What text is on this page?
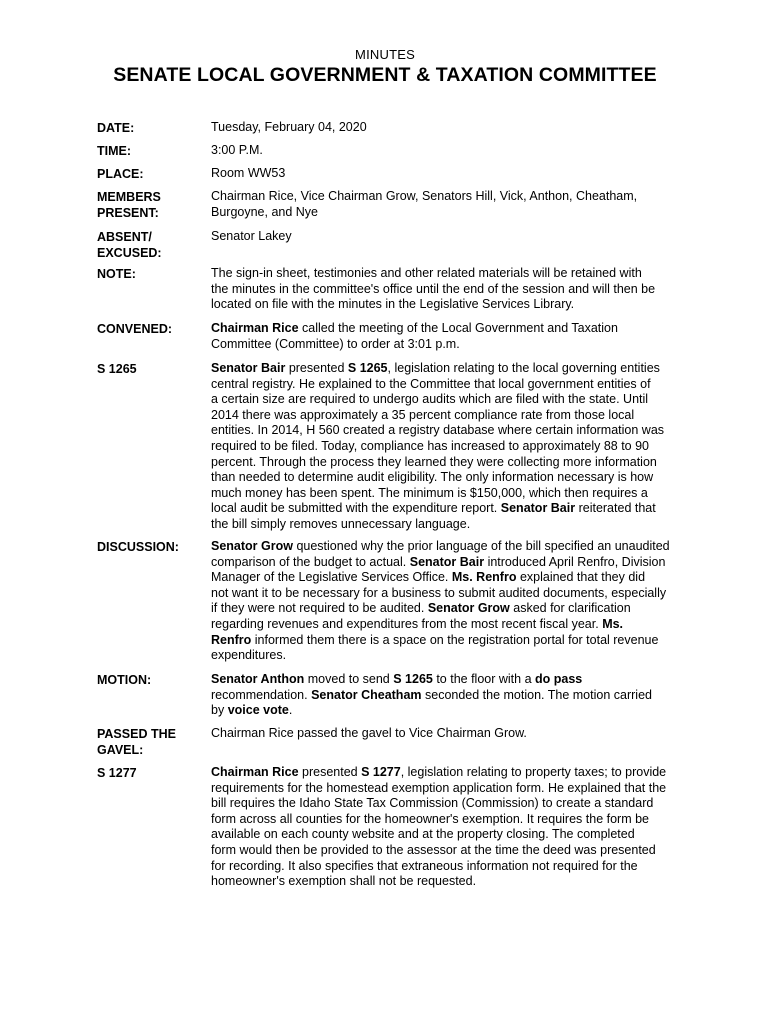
MINUTES
SENATE LOCAL GOVERNMENT & TAXATION COMMITTEE
DATE:	Tuesday, February 04, 2020
TIME:	3:00 P.M.
PLACE:	Room WW53
MEMBERS
PRESENT:
Chairman Rice, Vice Chairman Grow, Senators Hill, Vick, Anthon, Cheatham,
Burgoyne, and Nye
ABSENT/
EXCUSED:
Senator Lakey
NOTE:	The sign-in sheet, testimonies and other related materials will be retained with
the minutes in the committee's office until the end of the session and will then be
located on file with the minutes in the Legislative Services Library.
CONVENED:	Chairman Rice called the meeting of the Local Government and Taxation
Committee (Committee) to order at 3:01 p.m.
S 1265	Senator Bair presented S 1265, legislation relating to the local governing entities
central registry. He explained to the Committee that local government entities of
a certain size are required to undergo audits which are filed with the state. Until
2014 there was approximately a 35 percent compliance rate from those local
entities. In 2014, H 560 created a registry database where certain information was
required to be filed. Today, compliance has increased to approximately 88 to 90
percent. Through the process they learned they were collecting more information
than needed to determine audit eligibility. The only information necessary is how
much money has been spent. The minimum is $150,000, which then requires a
local audit be submitted with the expenditure report. Senator Bair reiterated that
the bill simply removes unnecessary language.
DISCUSSION:	Senator Grow questioned why the prior language of the bill specified an unaudited
comparison of the budget to actual. Senator Bair introduced April Renfro, Division
Manager of the Legislative Services Office. Ms. Renfro explained that they did
not want it to be necessary for a business to submit audited documents, especially
if they were not required to be audited. Senator Grow asked for clarification
regarding revenues and expenditures from the most recent fiscal year. Ms.
Renfro informed them there is a space on the registration portal for total revenue
expenditures.
MOTION:	Senator Anthon moved to send S 1265 to the floor with a do pass
recommendation. Senator Cheatham seconded the motion. The motion carried
by voice vote.
PASSED THE
GAVEL:
Chairman Rice passed the gavel to Vice Chairman Grow.
S 1277	Chairman Rice presented S 1277, legislation relating to property taxes; to provide
requirements for the homestead exemption application form. He explained that the
bill requires the Idaho State Tax Commission (Commission) to create a standard
form across all counties for the homeowner's exemption. It requires the form be
available on each county website and at the property closing. The completed
form would then be provided to the assessor at the time the deed was presented
for recording. It also specifies that extraneous information not required for the
homeowner's exemption shall not be requested.
